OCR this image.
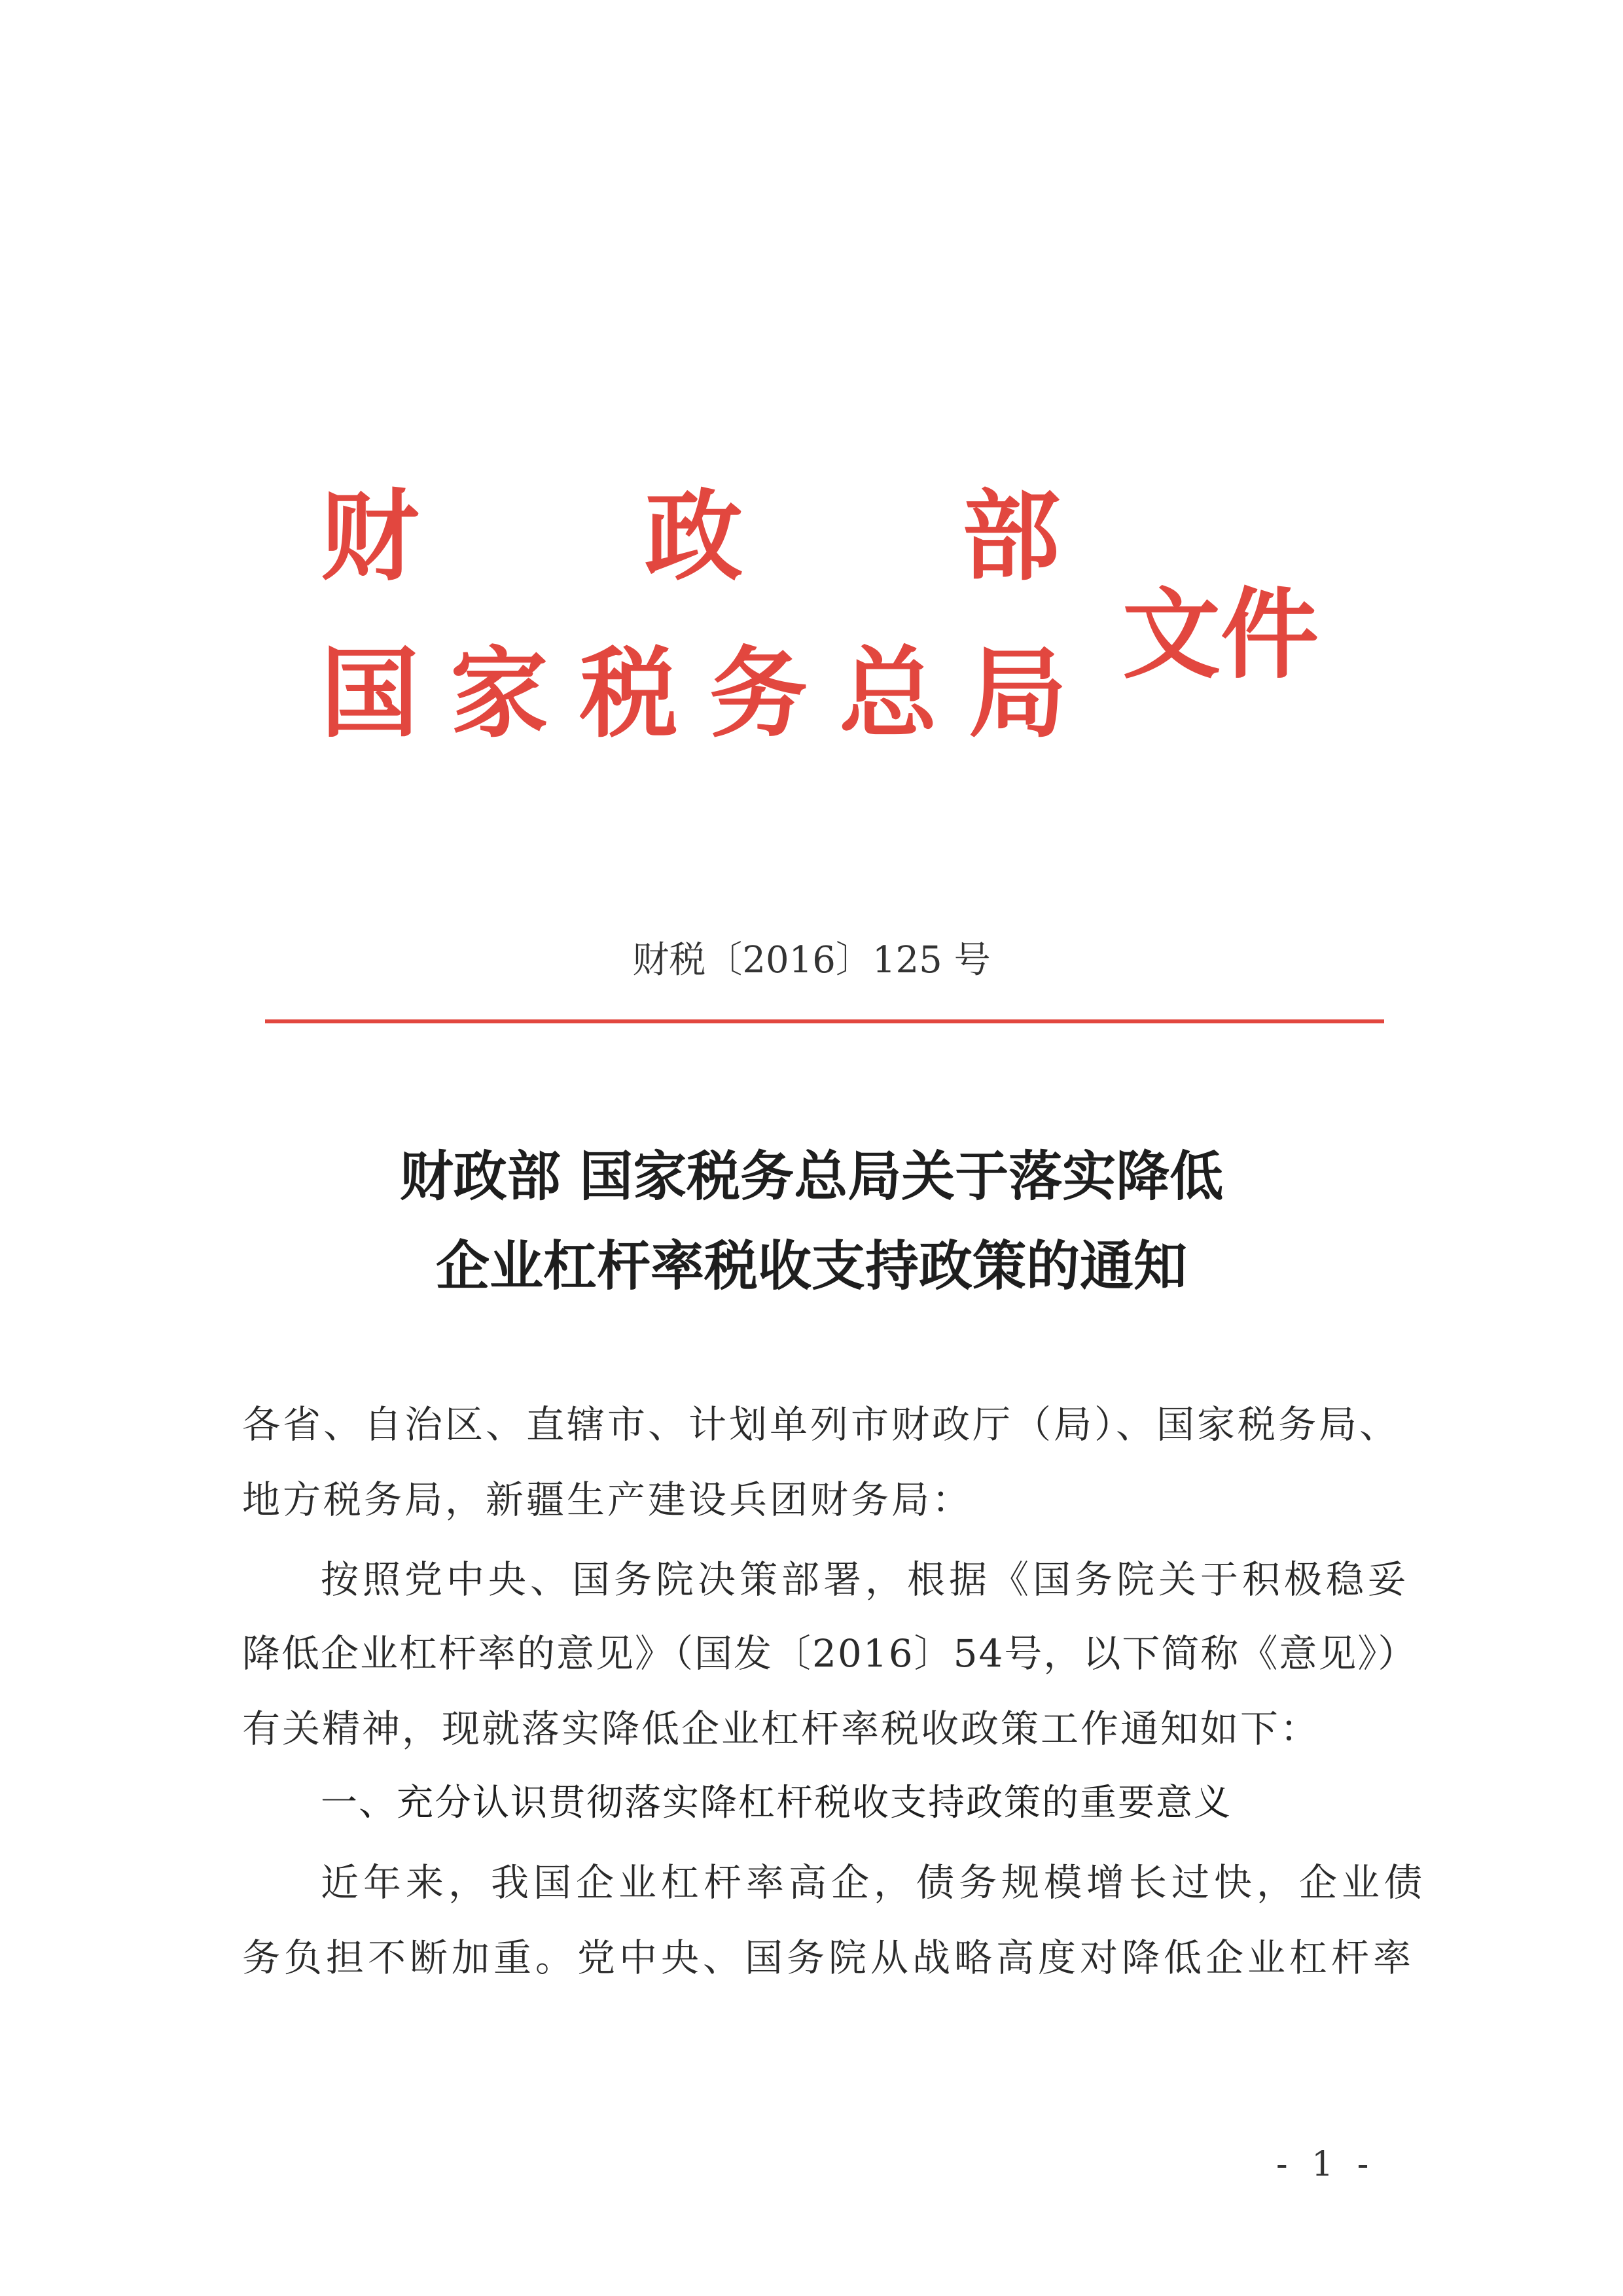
财 政 部
国家税务总局
文件
财税〔2016〕125 号
财政部 国家税务总局关于落实降低
企业杠杆率税收支持政策的通知
各省、自治区、直辖市、计划单列市财政厅（局）、国家税务局、
地方税务局，新疆生产建设兵团财务局：
按照党中央、国务院决策部署，根据《国务院关于积极稳妥
降低企业杠杆率的意见》（国发〔2016〕54号，以下简称《意见》）
有关精神，现就落实降低企业杠杆率税收政策工作通知如下：
一、充分认识贯彻落实降杠杆税收支持政策的重要意义
近年来，我国企业杠杆率高企，债务规模增长过快，企业债
务负担不断加重。党中央、国务院从战略高度对降低企业杠杆率
- 1 -
